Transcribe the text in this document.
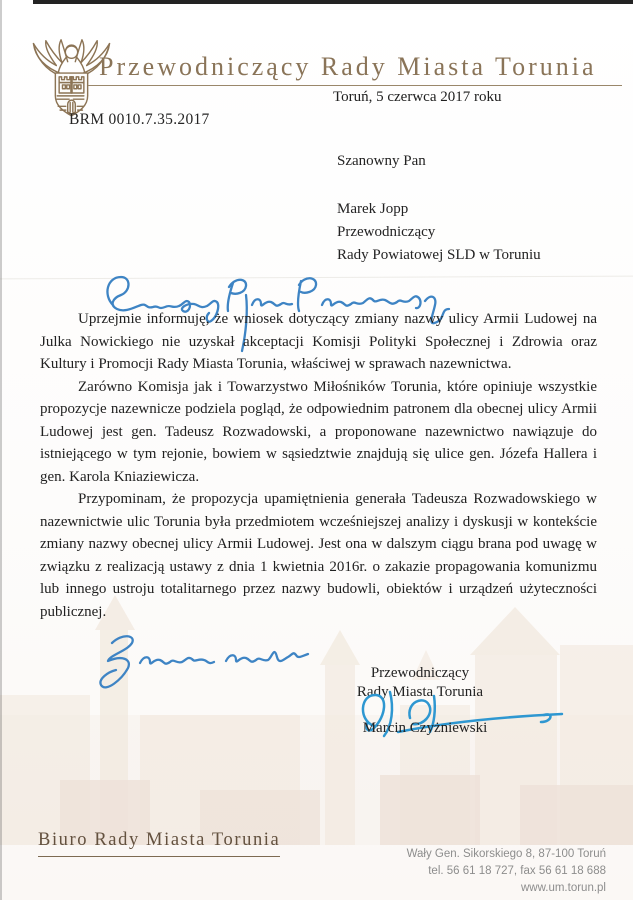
Przewodniczący Rady Miasta Torunia
Toruń, 5 czerwca 2017 roku
BRM 0010.7.35.2017
Szanowny Pan
Marek Jopp
Przewodniczący
Rady Powiatowej SLD w Toruniu

Uprzejmie informuję, że wniosek dotyczący zmiany nazwy ulicy Armii Ludowej na Julka Nowickiego nie uzyskał akceptacji Komisji Polityki Społecznej i Zdrowia oraz Kultury i Promocji Rady Miasta Torunia, właściwej w sprawach nazewnictwa.

Zarówno Komisja jak i Towarzystwo Miłośników Torunia, które opiniuje wszystkie propozycje nazewnicze podziela pogląd, że odpowiednim patronem dla obecnej ulicy Armii Ludowej jest gen. Tadeusz Rozwadowski, a proponowane nazewnictwo nawiązuje do istniejącego w tym rejonie, bowiem w sąsiedztwie znajdują się ulice gen. Józefa Hallera i gen. Karola Kniaziewicza.

Przypominam, że propozycja upamiętnienia generała Tadeusza Rozwadowskiego w nazewnictwie ulic Torunia była przedmiotem wcześniejszej analizy i dyskusji w kontekście zmiany nazwy obecnej ulicy Armii Ludowej. Jest ona w dalszym ciągu brana pod uwagę w związku z realizacją ustawy z dnia 1 kwietnia 2016r. o zakazie propagowania komunizmu lub innego ustroju totalitarnego przez nazwy budowli, obiektów i urządzeń użyteczności publicznej.

Przewodniczący
Rady Miasta Torunia
Marcin Czyżniewski
Biuro Rady Miasta Torunia
Wały Gen. Sikorskiego 8, 87-100 Toruń
tel. 56 61 18 727, fax 56 61 18 688
www.um.torun.pl
